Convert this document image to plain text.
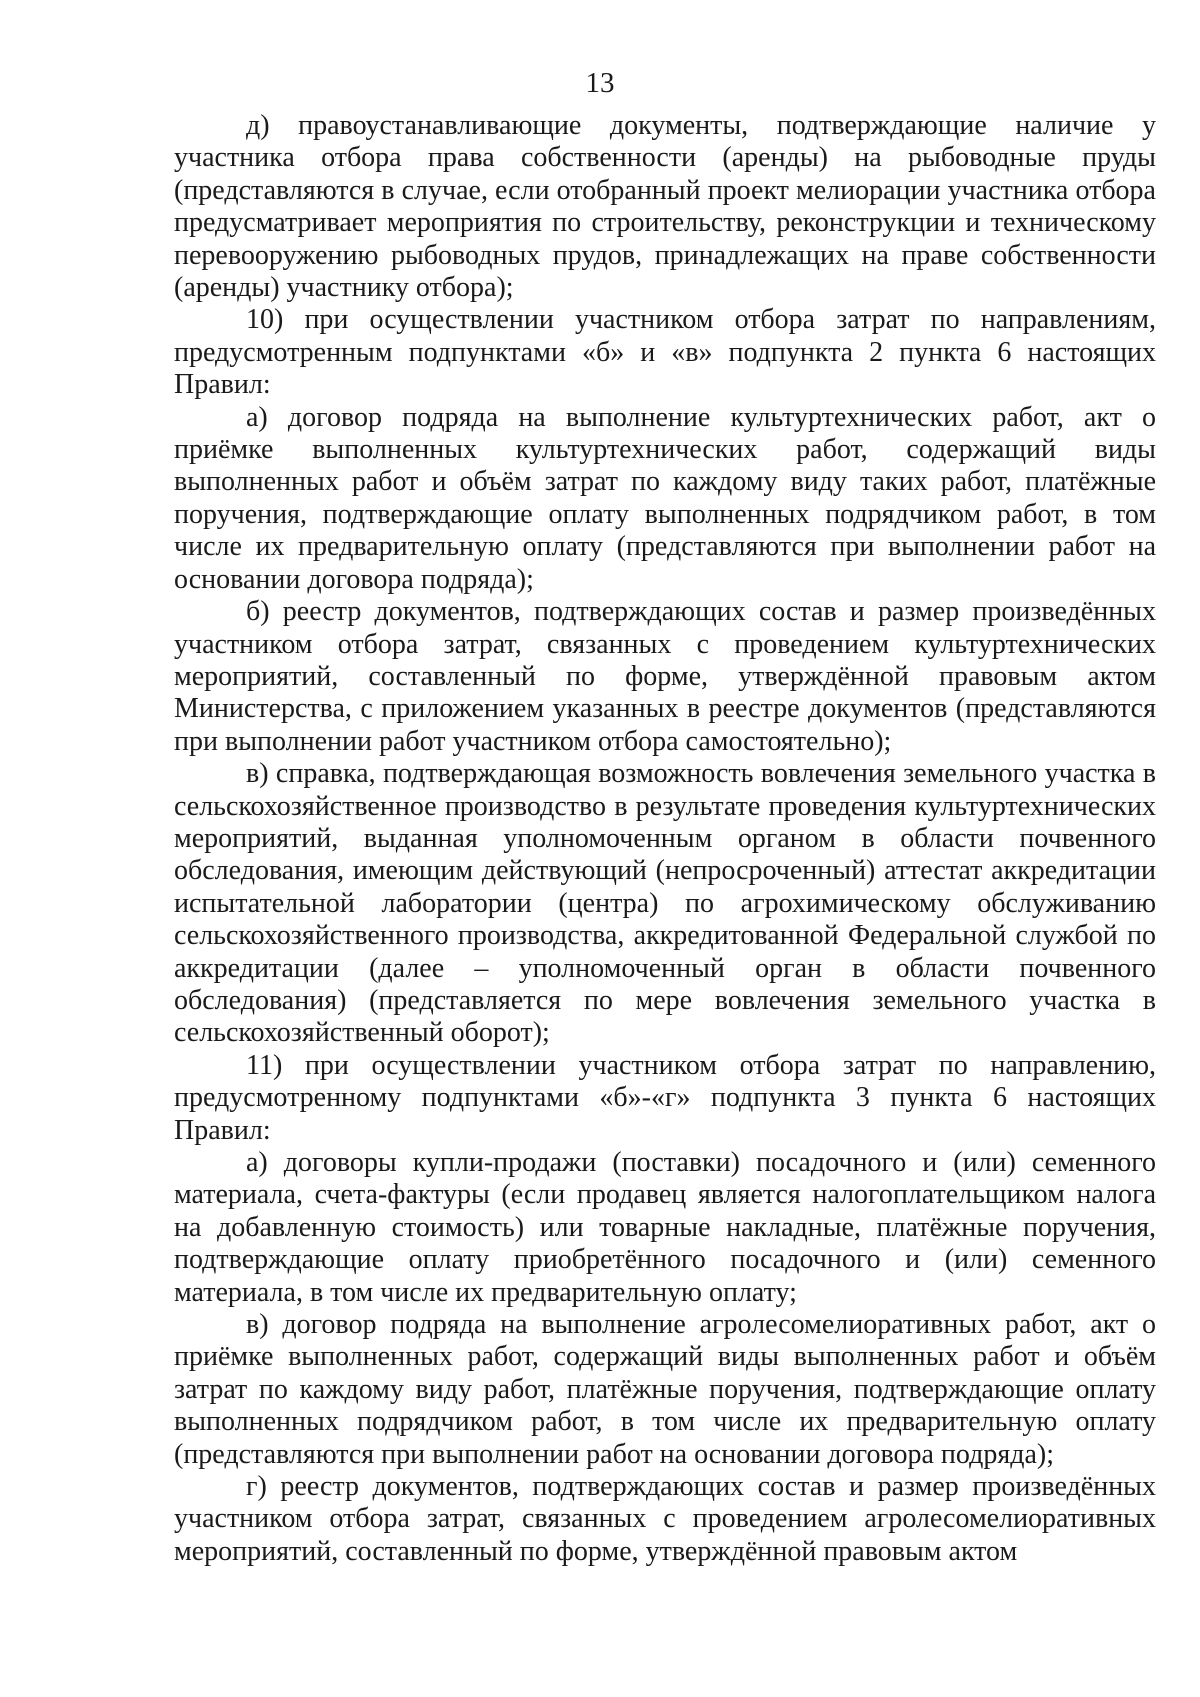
13

д) правоустанавливающие документы, подтверждающие наличие у участника отбора права собственности (аренды) на рыбоводные пруды (представляются в случае, если отобранный проект мелиорации участника отбора предусматривает мероприятия по строительству, реконструкции и техническому перевооружению рыбоводных прудов, принадлежащих на праве собственности (аренды) участнику отбора);

10) при осуществлении участником отбора затрат по направлениям, предусмотренным подпунктами «б» и «в» подпункта 2 пункта 6 настоящих Правил:

а) договор подряда на выполнение культуртехнических работ, акт о приёмке выполненных культуртехнических работ, содержащий виды выполненных работ и объём затрат по каждому виду таких работ, платёжные поручения, подтверждающие оплату выполненных подрядчиком работ, в том числе их предварительную оплату (представляются при выполнении работ на основании договора подряда);

б) реестр документов, подтверждающих состав и размер произведённых участником отбора затрат, связанных с проведением культуртехнических мероприятий, составленный по форме, утверждённой правовым актом Министерства, с приложением указанных в реестре документов (представляются при выполнении работ участником отбора самостоятельно);

в) справка, подтверждающая возможность вовлечения земельного участка в сельскохозяйственное производство в результате проведения культуртехнических мероприятий, выданная уполномоченным органом в области почвенного обследования, имеющим действующий (непросроченный) аттестат аккредитации испытательной лаборатории (центра) по агрохимическому обслуживанию сельскохозяйственного производства, аккредитованной Федеральной службой по аккредитации (далее – уполномоченный орган в области почвенного обследования) (представляется по мере вовлечения земельного участка в сельскохозяйственный оборот);

11) при осуществлении участником отбора затрат по направлению, предусмотренному подпунктами «б»-«г» подпункта 3 пункта 6 настоящих Правил:

а) договоры купли-продажи (поставки) посадочного и (или) семенного материала, счета-фактуры (если продавец является налогоплательщиком налога на добавленную стоимость) или товарные накладные, платёжные поручения, подтверждающие оплату приобретённого посадочного и (или) семенного материала, в том числе их предварительную оплату;

в) договор подряда на выполнение агролесомелиоративных работ, акт о приёмке выполненных работ, содержащий виды выполненных работ и объём затрат по каждому виду работ, платёжные поручения, подтверждающие оплату выполненных подрядчиком работ, в том числе их предварительную оплату (представляются при выполнении работ на основании договора подряда);

г) реестр документов, подтверждающих состав и размер произведённых участником отбора затрат, связанных с проведением агролесомелиоративных мероприятий, составленный по форме, утверждённой правовым актом
